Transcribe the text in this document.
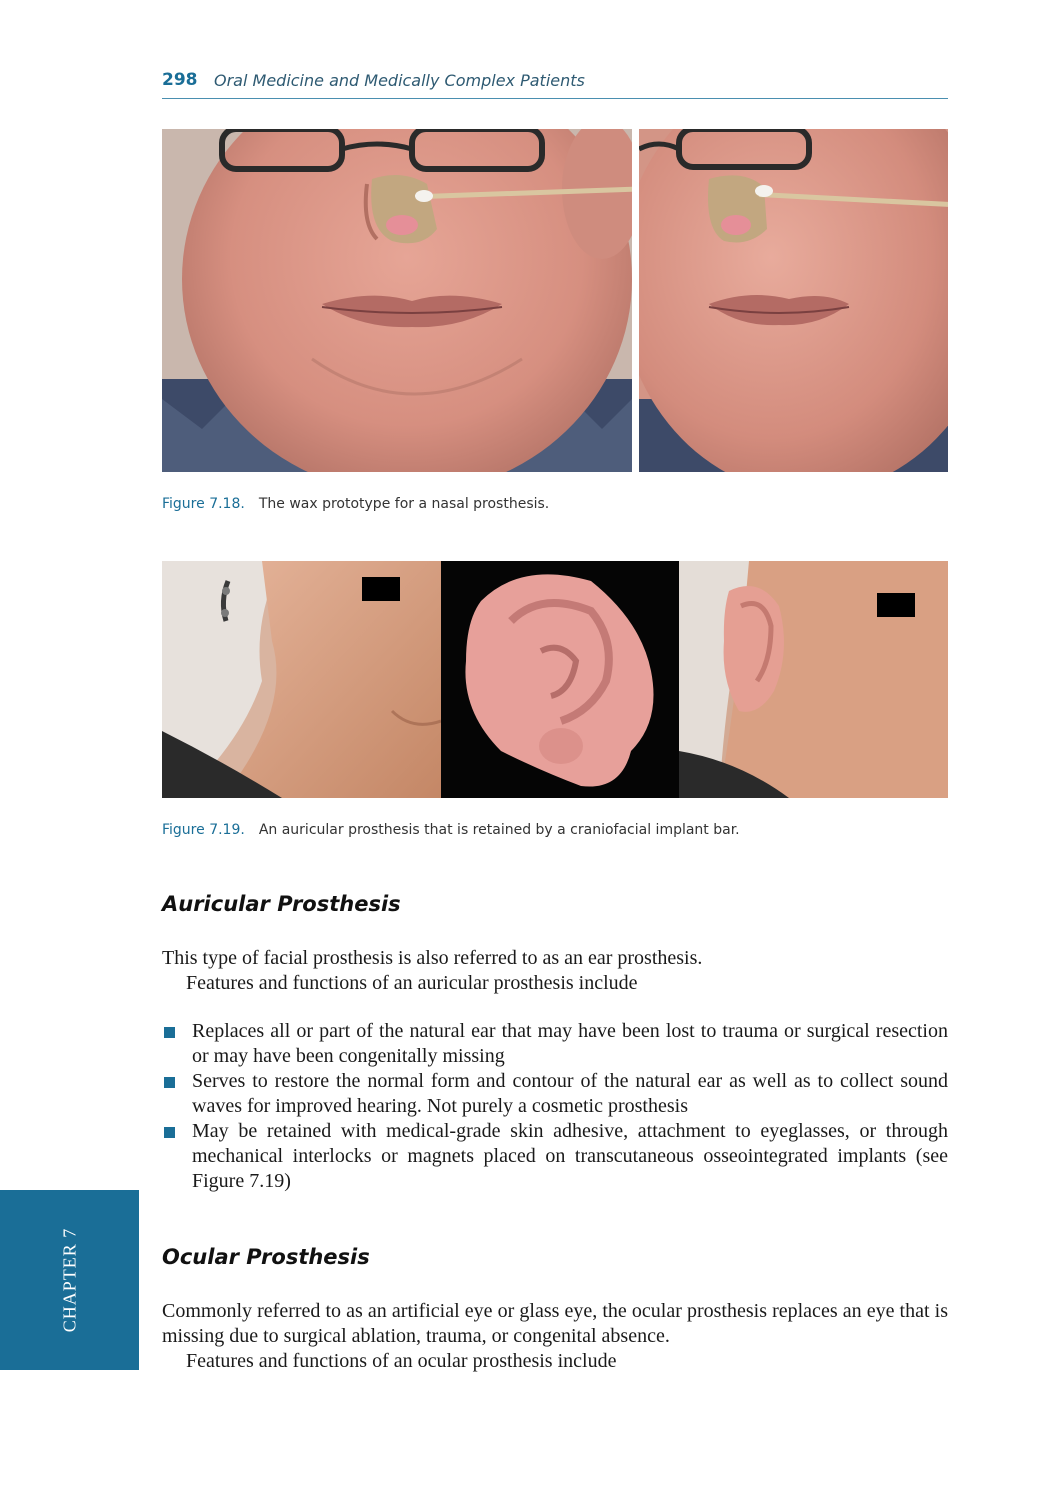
298 Oral Medicine and Medically Complex Patients
Figure 7.18. The wax prototype for a nasal prosthesis.
Figure 7.19. An auricular prosthesis that is retained by a craniofacial implant bar.
Auricular Prosthesis

This type of facial prosthesis is also referred to as an ear prosthesis.

Features and functions of an auricular prosthesis include

Replaces all or part of the natural ear that may have been lost to trauma or surgical resection or may have been congenitally missing
Serves to restore the normal form and contour of the natural ear as well as to collect sound waves for improved hearing. Not purely a cosmetic prosthesis
May be retained with medical-grade skin adhesive, attachment to eyeglasses, or through mechanical interlocks or magnets placed on transcutaneous osseointegrated implants (see Figure 7.19)
Ocular Prosthesis

Commonly referred to as an artificial eye or glass eye, the ocular prosthesis replaces an eye that is missing due to surgical ablation, trauma, or congenital absence.

Features and functions of an ocular prosthesis include

CHAPTER 7
